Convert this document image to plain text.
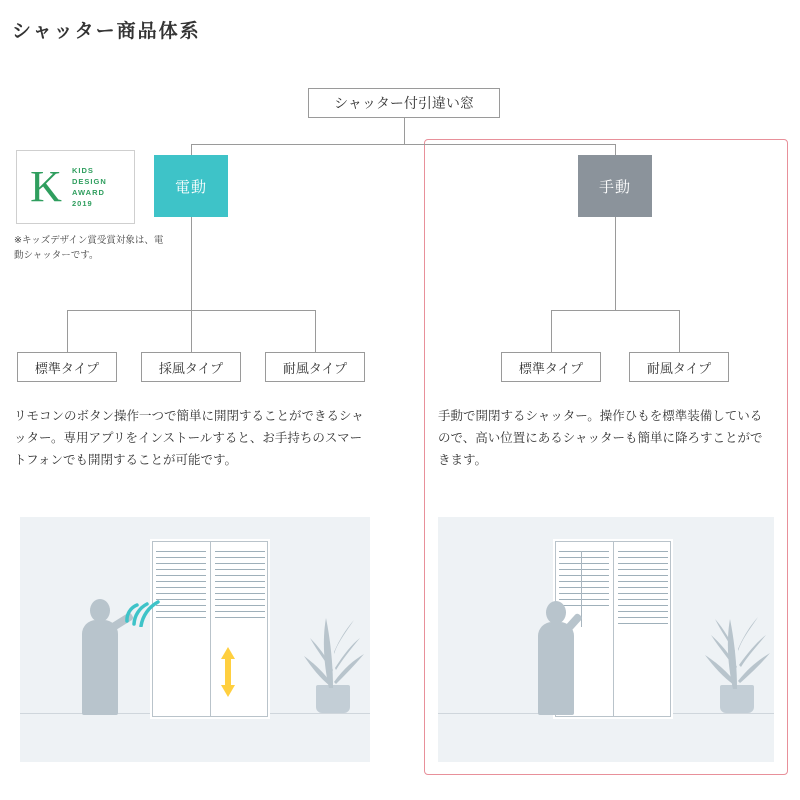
シャッター商品体系
シャッター付引違い窓
電動	手動
K	KIDS
DESIGN
AWARD
2019
※キッズデザイン賞受賞対象は、電動シャッターです。
標準タイプ	採風タイプ	耐風タイプ	標準タイプ	耐風タイプ
リモコンのボタン操作一つで簡単に開閉することができるシャッター。専用アプリをインストールすると、お手持ちのスマートフォンでも開閉することが可能です。
手動で開閉するシャッター。操作ひもを標準装備しているので、高い位置にあるシャッターも簡単に降ろすことができます。
